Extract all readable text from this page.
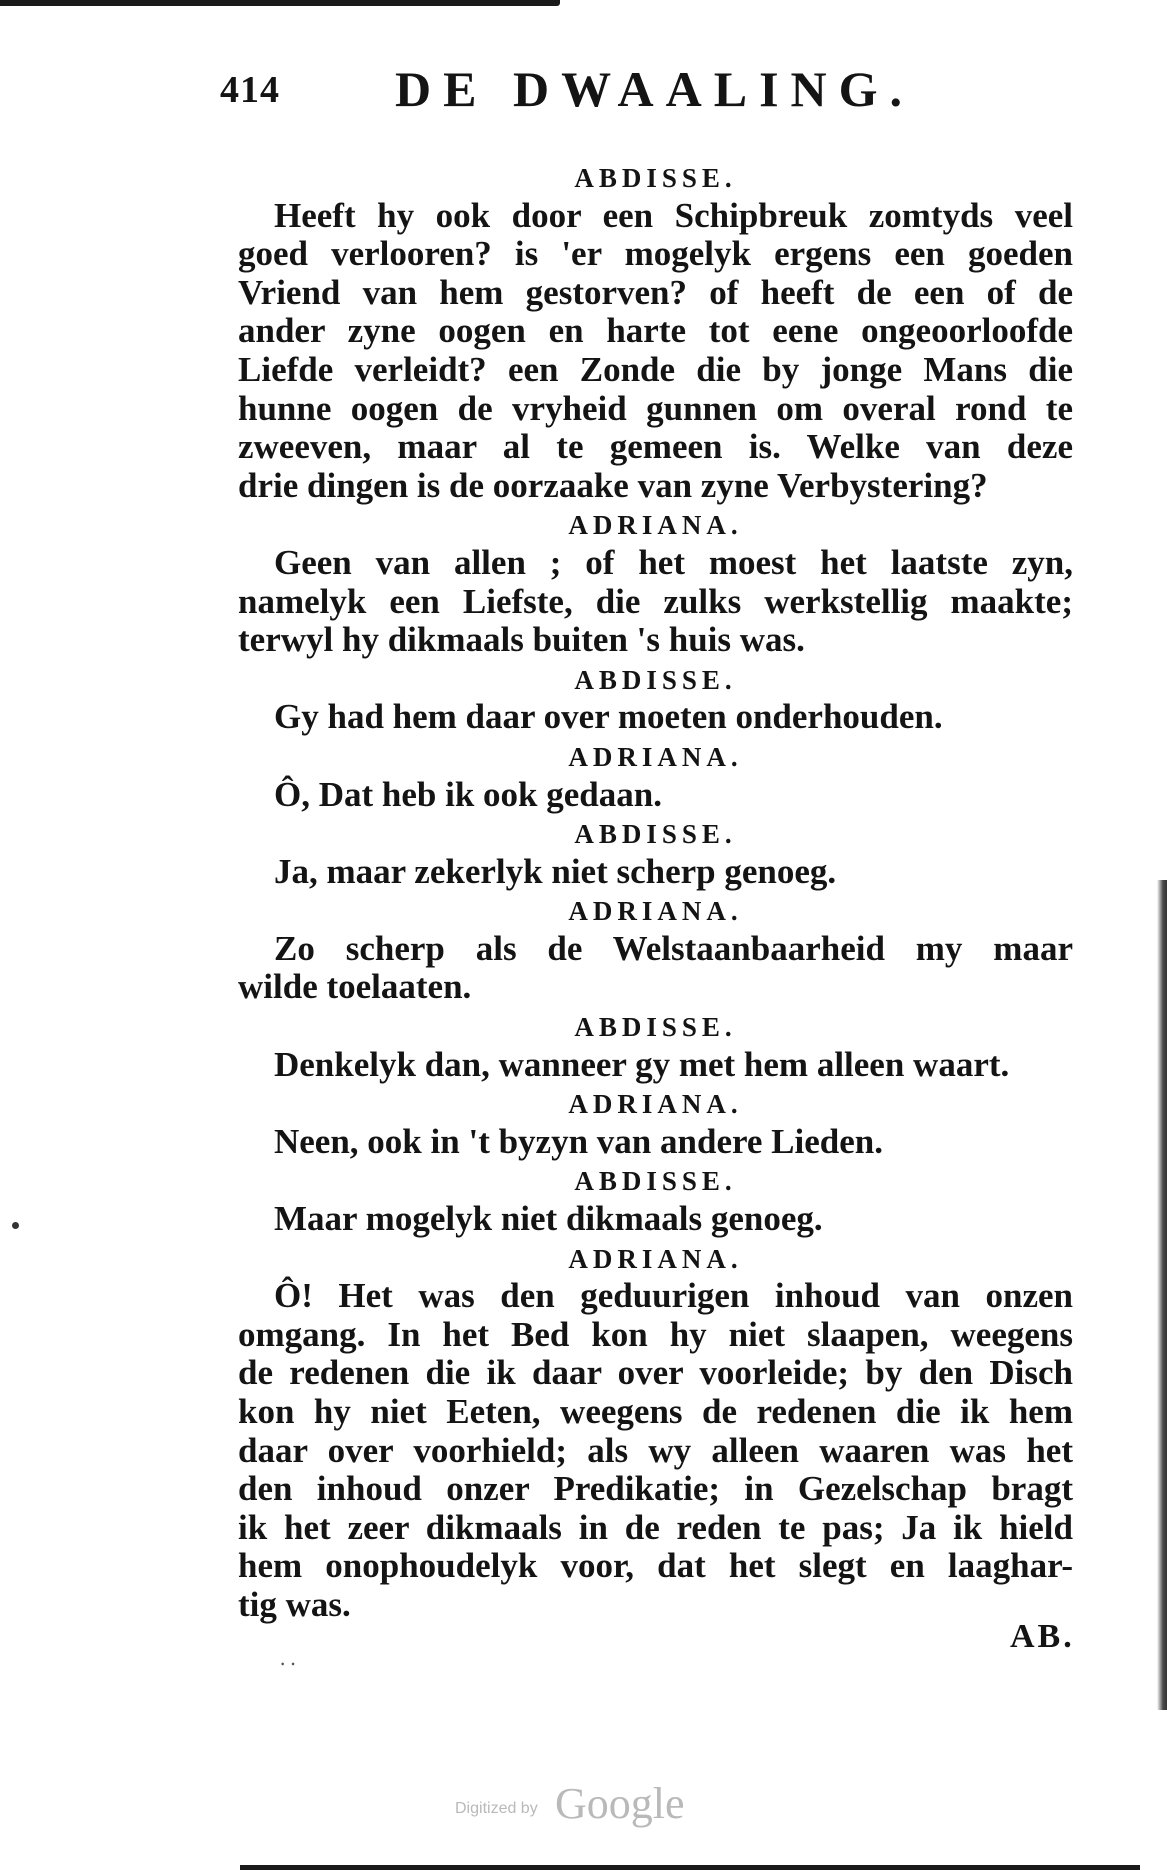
414 DE DWAALING.
ABDISSE.
Heeft hy ook door een Schipbreuk zomtyds veel
goed verlooren? is 'er mogelyk ergens een goeden
Vriend van hem gestorven? of heeft de een of de
ander zyne oogen en harte tot eene ongeoorloofde
Liefde verleidt? een Zonde die by jonge Mans die
hunne oogen de vryheid gunnen om overal rond te
zweeven, maar al te gemeen is. Welke van deze
drie dingen is de oorzaake van zyne Verbystering?
ADRIANA.
Geen van allen ; of het moest het laatste zyn,
namelyk een Liefste, die zulks werkstellig maakte;
terwyl hy dikmaals buiten 's huis was.
ABDISSE.
Gy had hem daar over moeten onderhouden.
ADRIANA.
Ô, Dat heb ik ook gedaan.
ABDISSE.
Ja, maar zekerlyk niet scherp genoeg.
ADRIANA.
Zo scherp als de Welstaanbaarheid my maar
wilde toelaaten.
ABDISSE.
Denkelyk dan, wanneer gy met hem alleen waart.
ADRIANA.
Neen, ook in 't byzyn van andere Lieden.
ABDISSE.
Maar mogelyk niet dikmaals genoeg.
ADRIANA.
Ô! Het was den geduurigen inhoud van onzen
omgang. In het Bed kon hy niet slaapen, weegens
de redenen die ik daar over voorleide; by den Disch
kon hy niet Eeten, weegens de redenen die ik hem
daar over voorhield; als wy alleen waaren was het
den inhoud onzer Predikatie; in Gezelschap bragt
ik het zeer dikmaals in de reden te pas; Ja ik hield
hem onophoudelyk voor, dat het slegt en laaghar-
tig was.
AB.
⸱ ⸱
Digitized by Google
